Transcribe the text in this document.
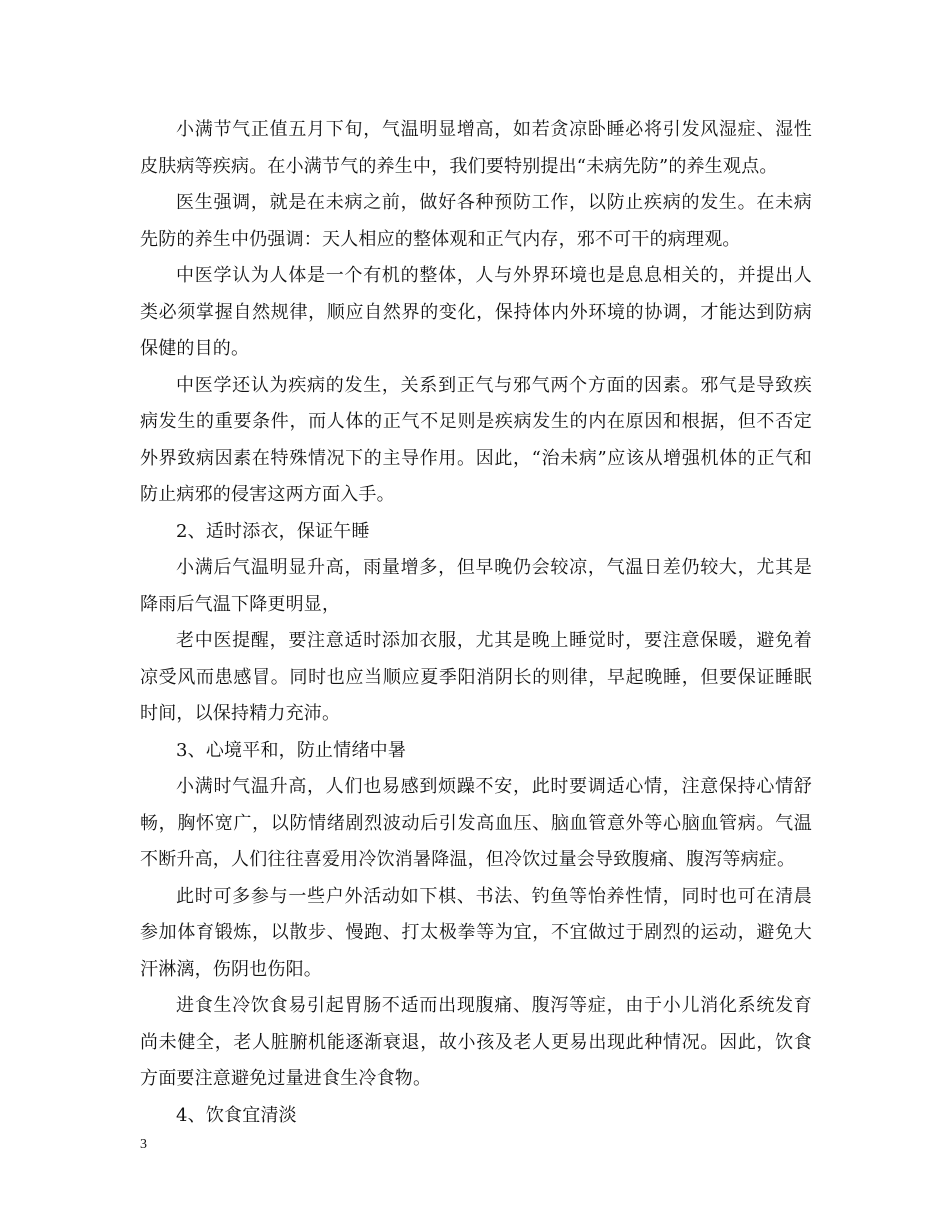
小满节气正值五月下旬，气温明显增高，如若贪凉卧睡必将引发风湿症、湿性皮肤病等疾病。在小满节气的养生中，我们要特别提出“未病先防”的养生观点。

医生强调，就是在未病之前，做好各种预防工作，以防止疾病的发生。在未病先防的养生中仍强调：天人相应的整体观和正气内存，邪不可干的病理观。

中医学认为人体是一个有机的整体，人与外界环境也是息息相关的，并提出人类必须掌握自然规律，顺应自然界的变化，保持体内外环境的协调，才能达到防病保健的目的。

中医学还认为疾病的发生，关系到正气与邪气两个方面的因素。邪气是导致疾病发生的重要条件，而人体的正气不足则是疾病发生的内在原因和根据，但不否定外界致病因素在特殊情况下的主导作用。因此，“治未病”应该从增强机体的正气和防止病邪的侵害这两方面入手。

2、适时添衣，保证午睡

小满后气温明显升高，雨量增多，但早晚仍会较凉，气温日差仍较大，尤其是降雨后气温下降更明显，

老中医提醒，要注意适时添加衣服，尤其是晚上睡觉时，要注意保暖，避免着凉受风而患感冒。同时也应当顺应夏季阳消阴长的则律，早起晚睡，但要保证睡眠时间，以保持精力充沛。

3、心境平和，防止情绪中暑

小满时气温升高，人们也易感到烦躁不安，此时要调适心情，注意保持心情舒畅，胸怀宽广，以防情绪剧烈波动后引发高血压、脑血管意外等心脑血管病。气温不断升高，人们往往喜爱用冷饮消暑降温，但冷饮过量会导致腹痛、腹泻等病症。

此时可多参与一些户外活动如下棋、书法、钓鱼等怡养性情，同时也可在清晨参加体育锻炼，以散步、慢跑、打太极拳等为宜，不宜做过于剧烈的运动，避免大汗淋漓，伤阴也伤阳。

进食生冷饮食易引起胃肠不适而出现腹痛、腹泻等症，由于小儿消化系统发育尚未健全，老人脏腑机能逐渐衰退，故小孩及老人更易出现此种情况。因此，饮食方面要注意避免过量进食生冷食物。

4、饮食宜清淡

3
